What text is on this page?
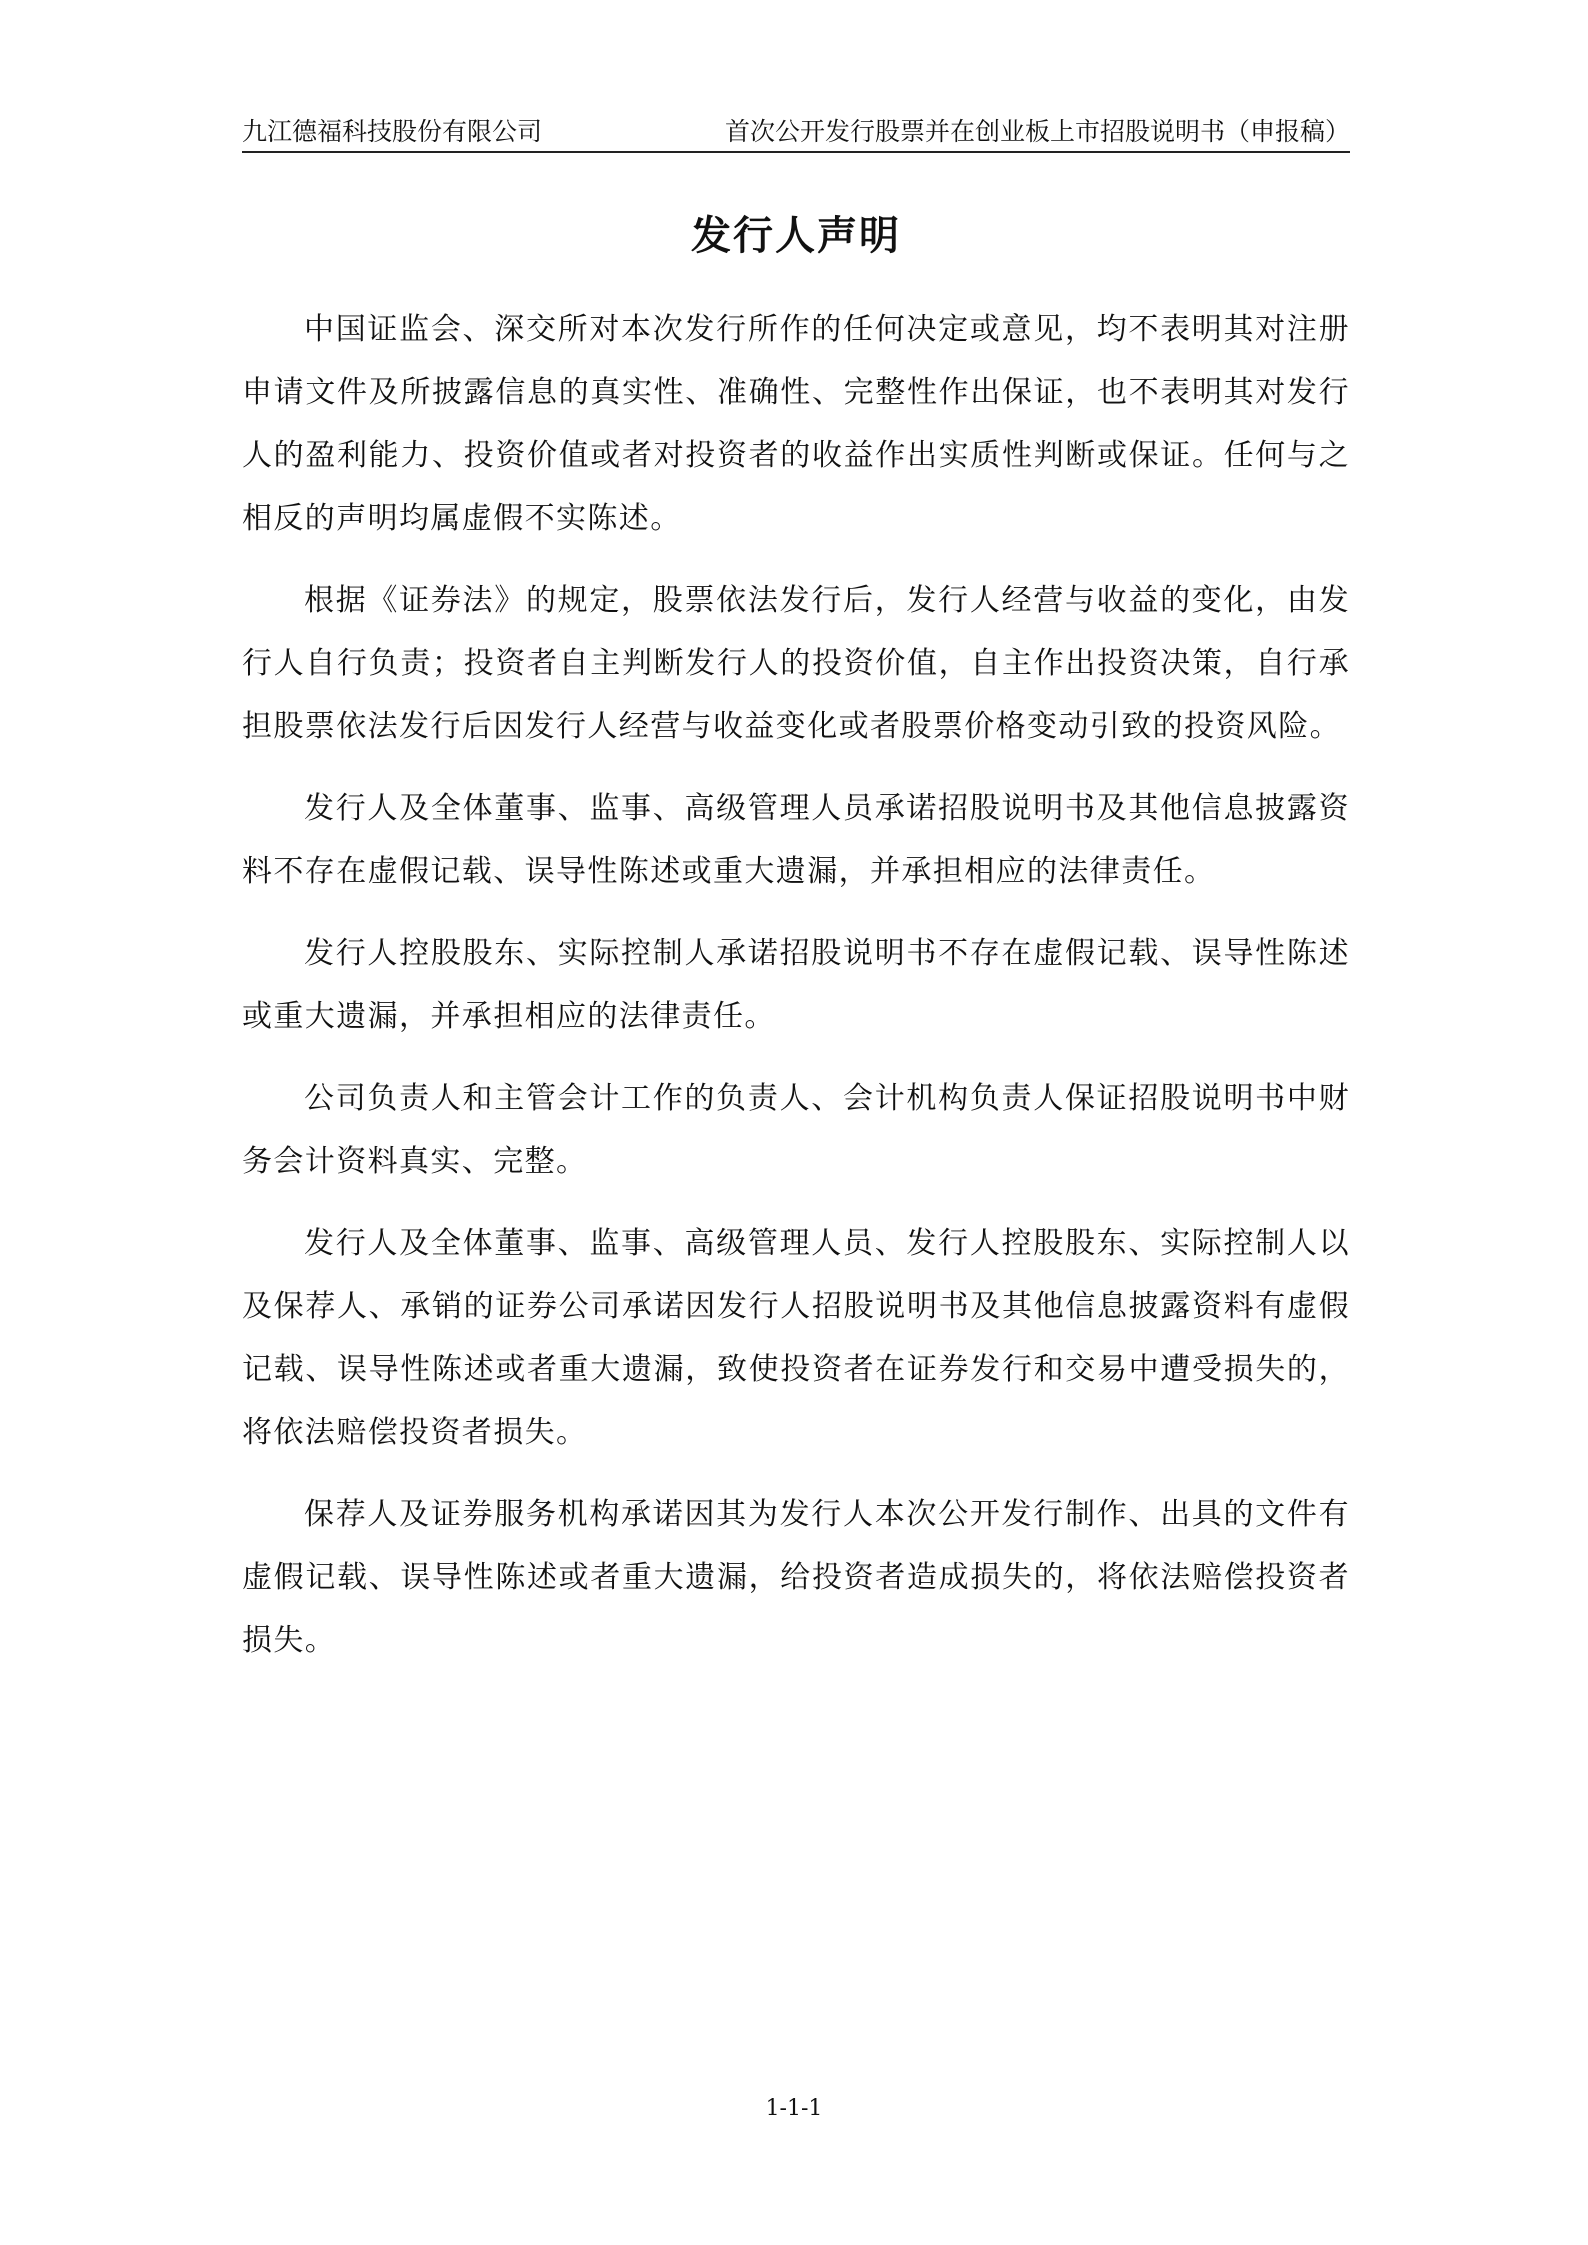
九江德福科技股份有限公司	首次公开发行股票并在创业板上市招股说明书（申报稿）
发行人声明

中国证监会、深交所对本次发行所作的任何决定或意见，均不表明其对注册申请文件及所披露信息的真实性、准确性、完整性作出保证，也不表明其对发行人的盈利能力、投资价值或者对投资者的收益作出实质性判断或保证。任何与之相反的声明均属虚假不实陈述。

根据《证券法》的规定，股票依法发行后，发行人经营与收益的变化，由发行人自行负责；投资者自主判断发行人的投资价值，自主作出投资决策，自行承担股票依法发行后因发行人经营与收益变化或者股票价格变动引致的投资风险。

发行人及全体董事、监事、高级管理人员承诺招股说明书及其他信息披露资料不存在虚假记载、误导性陈述或重大遗漏，并承担相应的法律责任。

发行人控股股东、实际控制人承诺招股说明书不存在虚假记载、误导性陈述或重大遗漏，并承担相应的法律责任。

公司负责人和主管会计工作的负责人、会计机构负责人保证招股说明书中财务会计资料真实、完整。

发行人及全体董事、监事、高级管理人员、发行人控股股东、实际控制人以及保荐人、承销的证券公司承诺因发行人招股说明书及其他信息披露资料有虚假记载、误导性陈述或者重大遗漏，致使投资者在证券发行和交易中遭受损失的，将依法赔偿投资者损失。

保荐人及证券服务机构承诺因其为发行人本次公开发行制作、出具的文件有虚假记载、误导性陈述或者重大遗漏，给投资者造成损失的，将依法赔偿投资者损失。

1-1-1
